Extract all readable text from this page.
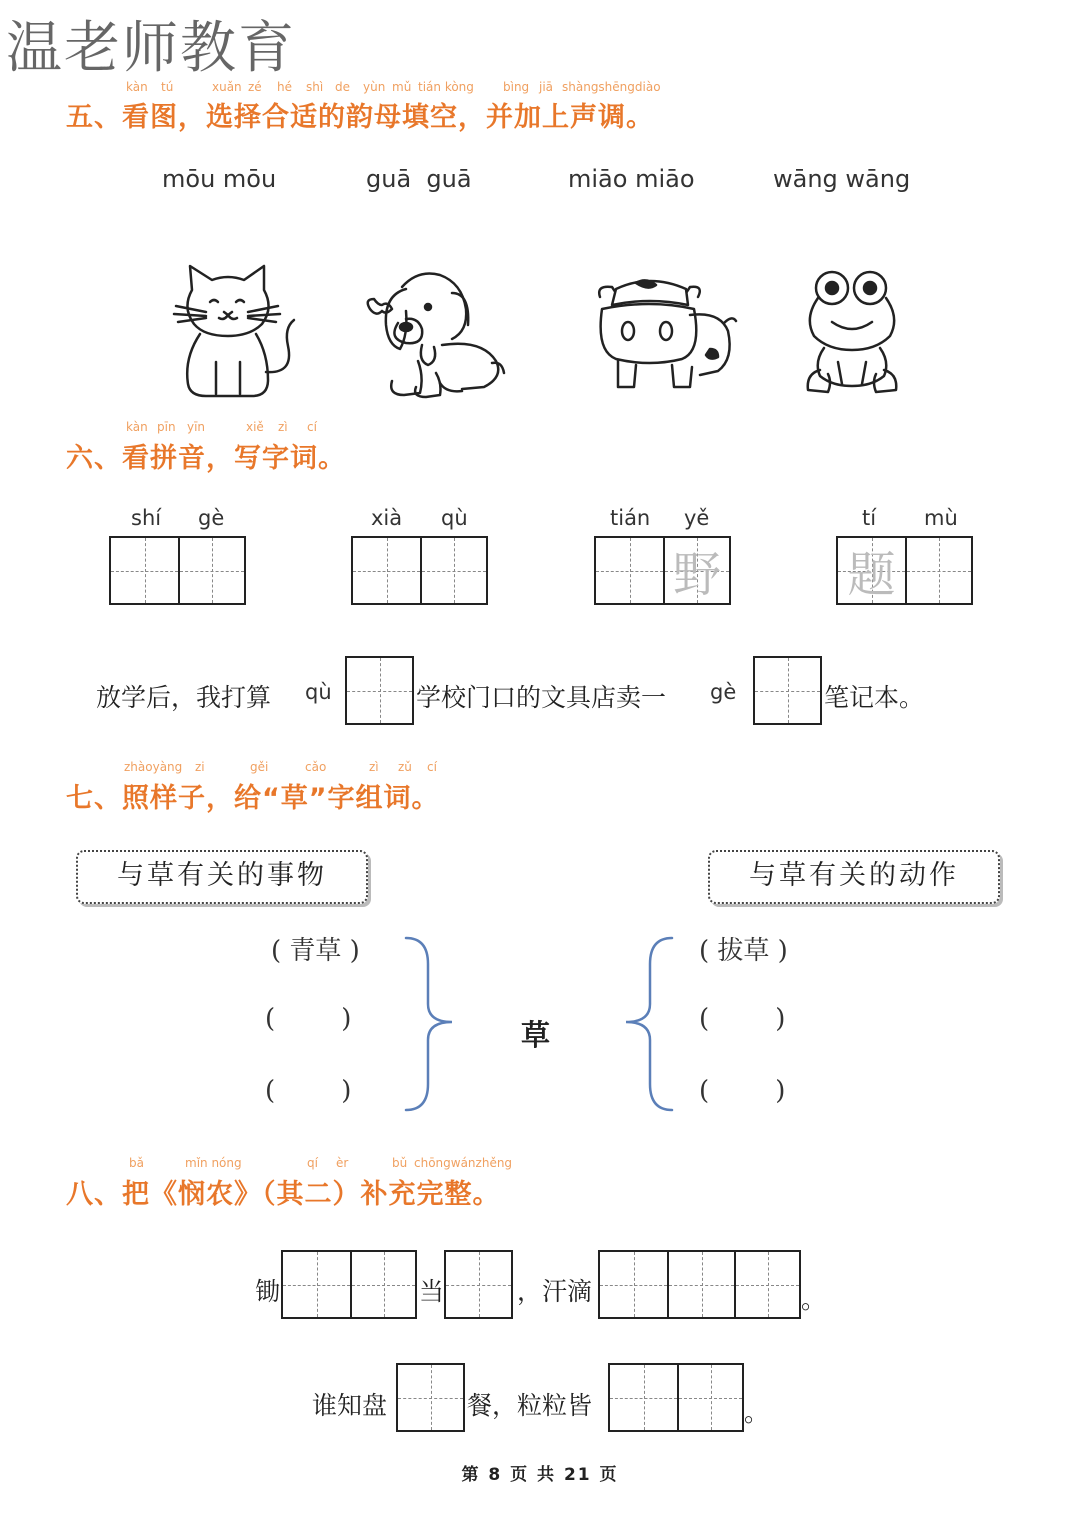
温老师教育
kàn tú	xuǎn zé hé shì de yùn mǔ tián kòng bìng jiā shàngshēngdiào
五、看图，选择合适的韵母填空，并加上声调。
mōu mōu	guā  guā	miāo miāo	wāng wāng
kàn pīn yīn	xiě zì cí
六、看拼音，写字词。
shí gè	xià qù	tián yě
野
tí mù
题
放学后，我打算 qù	学校门口的文具店卖一 gè	笔记本。
zhàoyàng zi	gěi	cǎo	zì zǔ cí
七、照样子，给“草”字组词。
与草有关的事物	与草有关的动作
( 青草 )
(        )
(        )
草
( 拔草 )
(        )
(        )
bǎ	mǐn nóng	qí èr	bǔ chōngwánzhěng
八、把《悯农》（其二）补充完整。
锄	当	，汗滴	。
谁知盘	餐，粒粒皆	。
第 8 页 共 21 页
